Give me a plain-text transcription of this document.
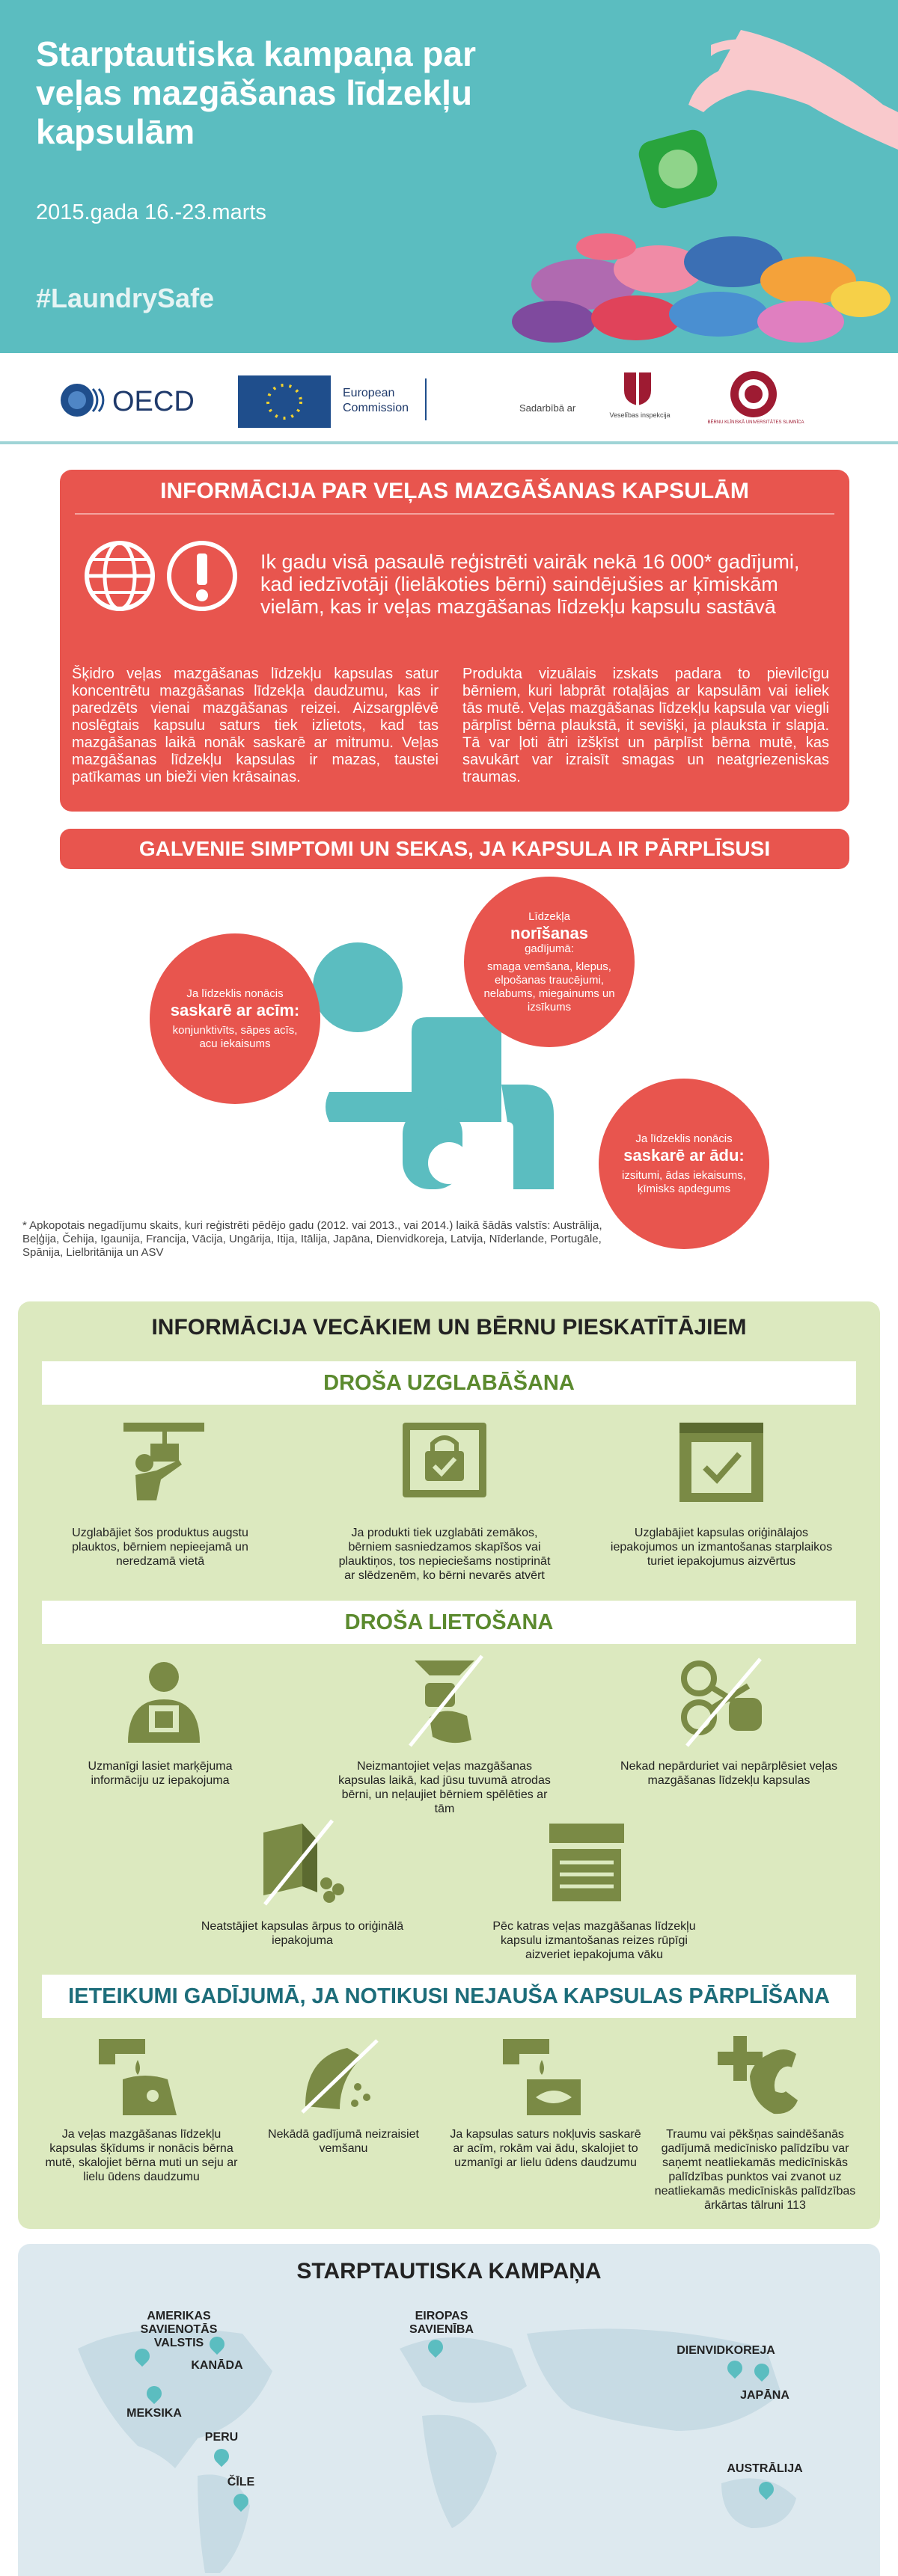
Starptautiska kampaņa par veļas mazgāšanas līdzekļu kapsulām
2015.gada 16.-23.marts
#LaundrySafe
OECD	European
Commission	Sadarbībā ar
Veselības inspekcija
BĒRNU KLĪNISKĀ UNIVERSITĀTES SLIMNĪCA
INFORMĀCIJA PAR VEĻAS MAZGĀŠANAS KAPSULĀM
Ik gadu visā pasaulē reģistrēti vairāk nekā 16 000* gadījumi, kad iedzīvotāji (lielākoties bērni) saindējušies ar ķīmiskām vielām, kas ir veļas mazgāšanas līdzekļu kapsulu sastāvā
Šķidro veļas mazgāšanas līdzekļu kapsulas satur koncentrētu mazgāšanas līdzekļa daudzumu, kas ir paredzēts vienai mazgāšanas reizei. Aizsargplēvē noslēgtais kapsulu saturs tiek izlietots, kad tas mazgāšanas laikā nonāk saskarē ar mitrumu. Veļas mazgāšanas līdzekļu kapsulas ir mazas, taustei patīkamas un bieži vien krāsainas.
Produkta vizuālais izskats padara to pievilcīgu bērniem, kuri labprāt rotaļājas ar kapsulām vai ieliek tās mutē. Veļas mazgāšanas līdzekļu kapsula var viegli pārplīst bērna plaukstā, it sevišķi, ja plauksta ir slapja. Tā var ļoti ātri izšķīst un pārplīst bērna mutē, kas savukārt var izraisīt smagas un neatgriezeniskas traumas.
GALVENIE SIMPTOMI UN SEKAS, JA KAPSULA IR PĀRPLĪSUSI
Ja līdzeklis nonācis
saskarē ar acīm:
konjunktivīts, sāpes acīs, acu iekaisums
Līdzekļa
norīšanas
gadījumā:
smaga vemšana, klepus, elpošanas traucējumi, nelabums, miegainums un izsīkums
Ja līdzeklis nonācis
saskarē ar ādu:
izsitumi, ādas iekaisums, ķīmisks apdegums
* Apkopotais negadījumu skaits, kuri reģistrēti pēdējo gadu (2012. vai 2013., vai 2014.) laikā šādās valstīs: Austrālija, Beļģija, Čehija, Igaunija, Francija, Vācija, Ungārija, Itija, Itālija, Japāna, Dienvidkoreja, Latvija, Nīderlande, Portugāle, Spānija, Lielbritānija un ASV
INFORMĀCIJA VECĀKIEM UN BĒRNU PIESKATĪTĀJIEM
DROŠA UZGLABĀŠANA
Uzglabājiet šos produktus augstu plauktos, bērniem nepieejamā un neredzamā vietā
Ja produkti tiek uzglabāti zemākos, bērniem sasniedzamos skapīšos vai plauktiņos, tos nepieciešams nostiprināt ar slēdzenēm, ko bērni nevarēs atvērt
Uzglabājiet kapsulas oriģinālajos iepakojumos un izmantošanas starplaikos turiet iepakojumus aizvērtus
DROŠA LIETOŠANA
Uzmanīgi lasiet marķējuma informāciju uz iepakojuma
Neizmantojiet veļas mazgāšanas kapsulas laikā, kad jūsu tuvumā atrodas bērni, un neļaujiet bērniem spēlēties ar tām
Nekad nepārduriet vai nepārplēsiet veļas mazgāšanas līdzekļu kapsulas
Neatstājiet kapsulas ārpus to oriģinālā iepakojuma
Pēc katras veļas mazgāšanas līdzekļu kapsulu izmantošanas reizes rūpīgi aizveriet iepakojuma vāku
IETEIKUMI GADĪJUMĀ, JA NOTIKUSI NEJAUŠA KAPSULAS PĀRPLĪŠANA
Ja veļas mazgāšanas līdzekļu kapsulas šķīdums ir nonācis bērna mutē, skalojiet bērna muti un seju ar lielu ūdens daudzumu
Nekādā gadījumā neizraisiet vemšanu
Ja kapsulas saturs nokļuvis saskarē ar acīm, rokām vai ādu, skalojiet to uzmanīgi ar lielu ūdens daudzumu
Traumu vai pēkšņas saindēšanās gadījumā medicīnisko palīdzību var saņemt neatliekamās medicīniskās palīdzības punktos vai zvanot uz neatliekamās medicīniskās palīdzības ārkārtas tālruni 113
STARPTAUTISKA KAMPAŅA
AMERIKAS SAVIENOTĀS VALSTIS
KANĀDA
MEKSIKA
PERU
ČĪLE
EIROPAS SAVIENĪBA
DIENVIDKOREJA
JAPĀNA
AUSTRĀLIJA
